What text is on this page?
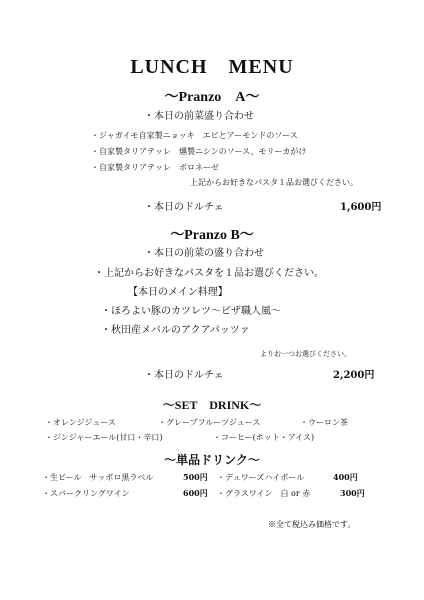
LUNCH　MENU
～Pranzo　A～
・本日の前菜盛り合わせ
・ジャガイモ自家製ニョッキ　エビとアーモンドのソース
・自家製タリアテッレ　燻製ニシンのソース、モリーカがけ
・自家製タリアテッレ　ボロネーゼ
上記からお好きなパスタ１品お選びください。
・本日のドルチェ	1,600円
～Pranzo B～
・本日の前菜の盛り合わせ
・上記からお好きなパスタを１品お選びください。
【本日のメイン料理】
・ほろよい豚のカツレツ～ピザ職人風～
・秋田産メバルのアクアパッツァ
よりお一つお選びください。
・本日のドルチェ	2,200円
～SET　DRINK～
・オレンジジュース	・グレープフルーツジュース	・ウーロン茶
・ジンジャーエール(甘口・辛口)	・コーヒー(ホット・アイス)
～単品ドリンク～
・生ビール　サッポロ黒ラベル	500円 ・デュワーズハイボール	400円
・スパークリングワイン	600円 ・グラスワイン　白 or 赤	300円
※全て税込み価格です。
